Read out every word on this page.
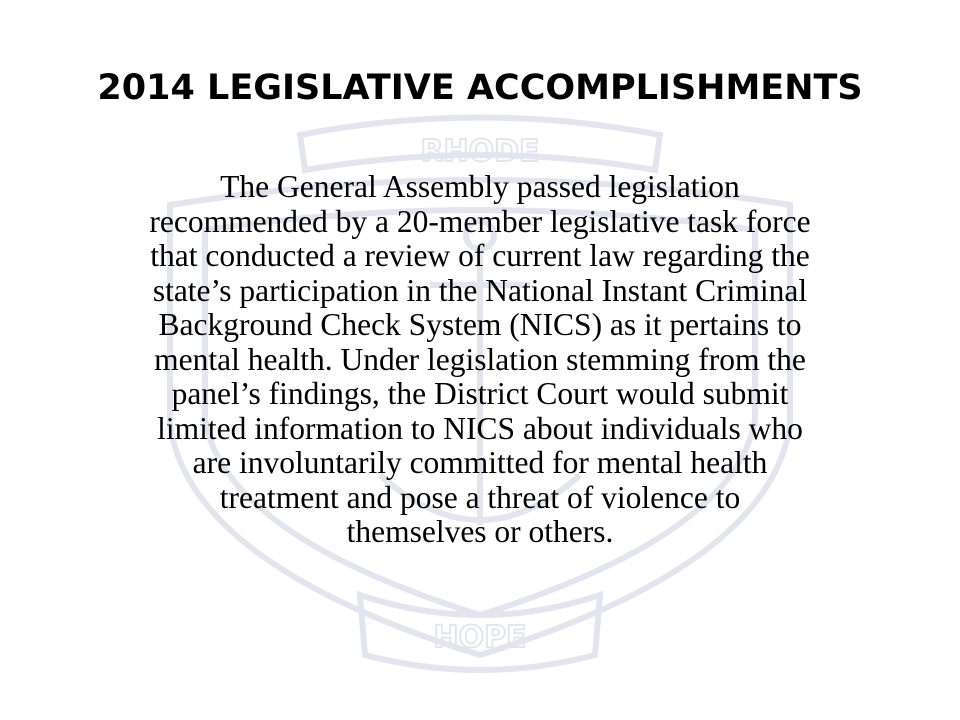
RHODE
HOPE
2014 LEGISLATIVE ACCOMPLISHMENTS
The General Assembly passed legislation
recommended by a 20-member legislative task force
that conducted a review of current law regarding the
state’s participation in the National Instant Criminal
Background Check System (NICS) as it pertains to
mental health. Under legislation stemming from the
panel’s findings, the District Court would submit
limited information to NICS about individuals who
are involuntarily committed for mental health
treatment and pose a threat of violence to
themselves or others.
